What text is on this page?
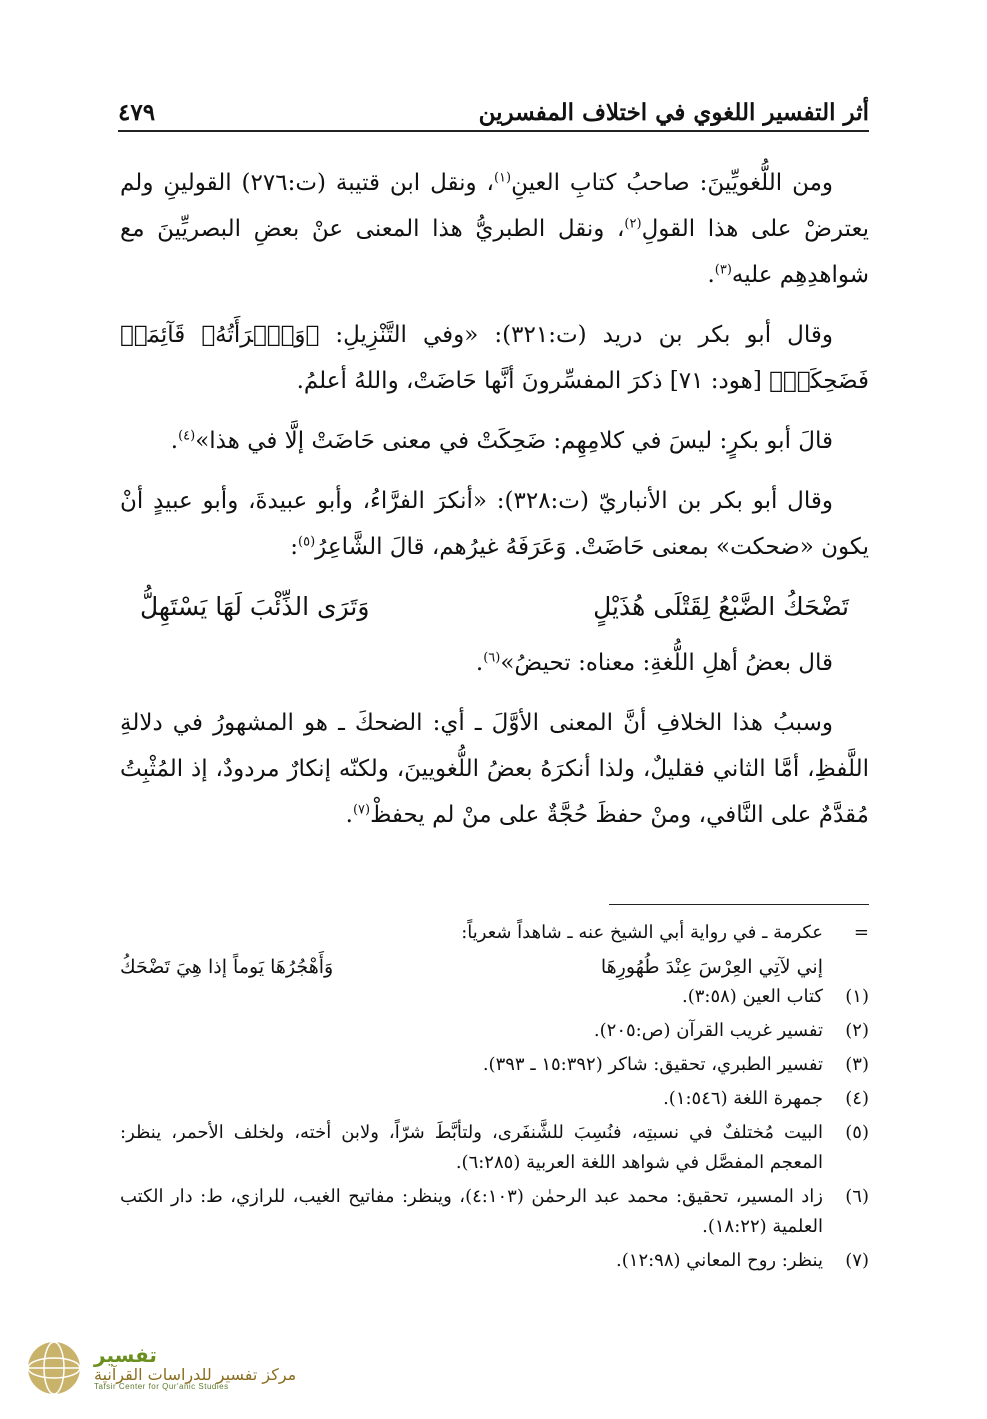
أثر التفسير اللغوي في اختلاف المفسرين
٤٧٩

ومن اللُّغويِّينَ: صاحبُ كتابِ العينِ$^{(١)}$، ونقل ابن قتيبة (ت:٢٧٦) القولينِ ولم يعترضْ على هذا القولِ$^{(٢)}$، ونقل الطبريُّ هذا المعنى عنْ بعضِ البصريِّينَ مع شواهدِهِم عليه$^{(٣)}$.

وقال أبو بكر بن دريد (ت:٣٢١): «وفي التَّنْزِيلِ: ﴿وَٱمۡرَأَتُهُۥ قَآئِمَةٞ فَضَحِكَتۡ﴾ [هود: ٧١] ذكرَ المفسِّرونَ أنَّها حَاضَتْ، واللهُ أعلمُ.

قالَ أبو بكرٍ: ليسَ في كلامِهِم: ضَحِكَتْ في معنى حَاضَتْ إلَّا في هذا»$^{(٤)}$.

وقال أبو بكر بن الأنباريّ (ت:٣٢٨): «أنكرَ الفرَّاءُ، وأبو عبيدةَ، وأبو عبيدٍ أنْ يكون «ضحكت» بمعنى حَاضَتْ. وَعَرَفَهُ غيرُهم، قالَ الشَّاعِرُ$^{(٥)}$:

تَضْحَكُ الضَّبْعُ لِقَتْلَى هُذَيْلٍ
وَتَرَى الذِّئْبَ لَهَا يَسْتَهِلُّ

قال بعضُ أهلِ اللُّغةِ: معناه: تحيضُ»$^{(٦)}$.

وسببُ هذا الخلافِ أنَّ المعنى الأوَّلَ ـ أي: الضحكَ ـ هو المشهورُ في دلالةِ اللَّفظِ، أمَّا الثاني فقليلٌ، ولذا أنكرَهُ بعضُ اللُّغويينَ، ولكنّه إنكارٌ مردودٌ، إذ المُثْبِتُ مُقدَّمٌ على النَّافي، ومنْ حفظَ حُجَّةٌ على منْ لم يحفظْ$^{(٧)}$.

=
عكرمة ـ في رواية أبي الشيخ عنه ـ شاهداً شعرياً:
إني لآتِي العِرْسَ عِنْدَ طُهُورِهَا
وَأَهْجُرُهَا يَوماً إذا هِيَ تَضْحَكُ
(١)
كتاب العين (٣:٥٨).
(٢)
تفسير غريب القرآن (ص:٢٠٥).
(٣)
تفسير الطبري، تحقيق: شاكر (١٥:٣٩٢ ـ ٣٩٣).
(٤)
جمهرة اللغة (١:٥٤٦).
(٥)
البيت مُختلفٌ في نسبتِه، فنُسِبَ للشَّنفَرى، ولتأبَّطَ شرّاً، ولابن أخته، ولخلف الأحمر، ينظر: المعجم المفصَّل في شواهد اللغة العربية (٦:٢٨٥).
(٦)
زاد المسير، تحقيق: محمد عبد الرحمٰن (٤:١٠٣)، وينظر: مفاتيح الغيب، للرازي، ط: دار الكتب العلمية (١٨:٢٢).
(٧)
ينظر: روح المعاني (١٢:٩٨).
تفسير
مركز تفسير للدراسات القرآنية
Tafsir Center for Qur'anic Studies
